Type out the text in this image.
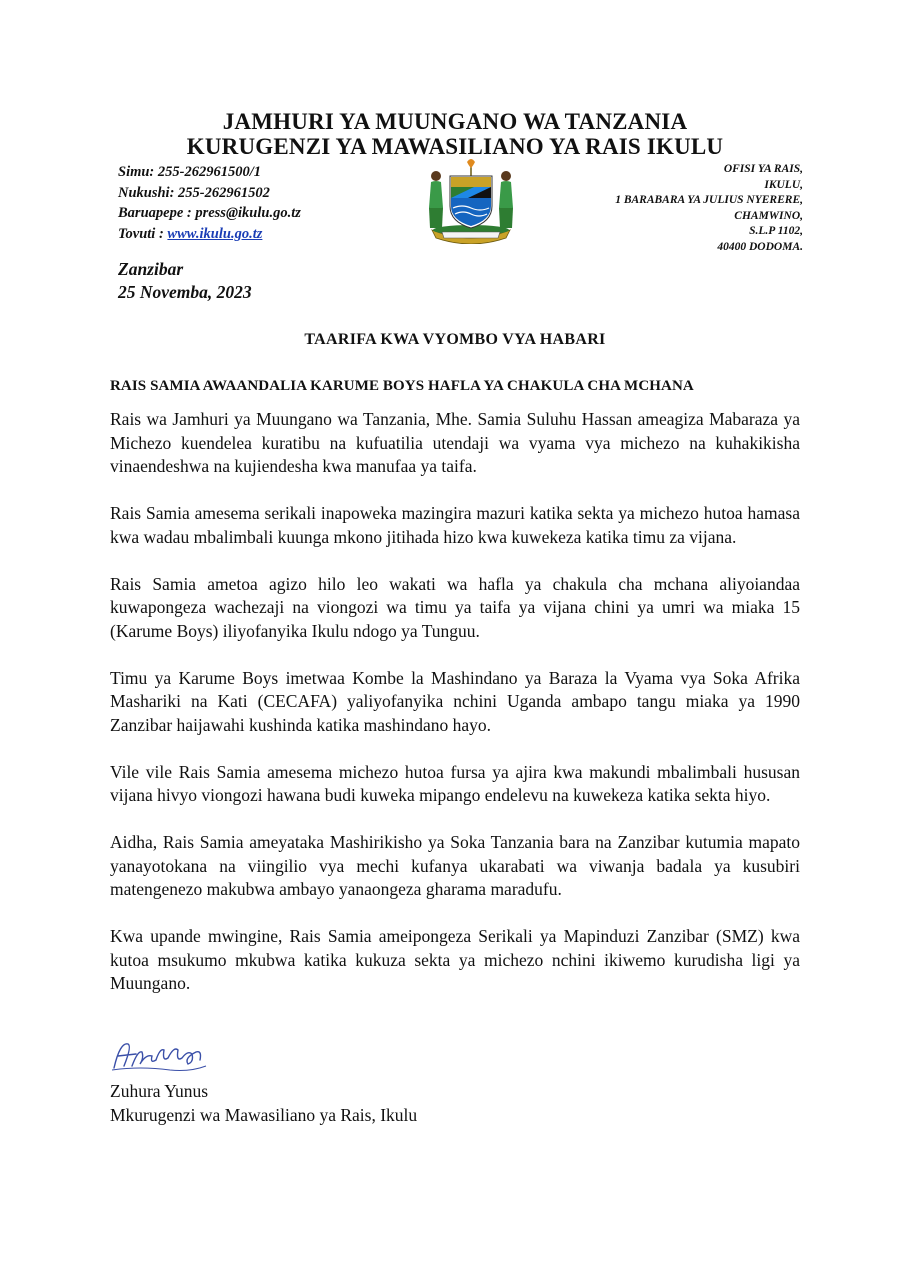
JAMHURI YA MUUNGANO WA TANZANIA
KURUGENZI YA MAWASILIANO YA RAIS IKULU
Simu: 255-262961500/1
Nukushi: 255-262961502
Baruapepe : press@ikulu.go.tz
Tovuti : www.ikulu.go.tz
OFISI YA RAIS,
IKULU,
1 BARABARA YA JULIUS NYERERE,
CHAMWINO,
S.L.P 1102,
40400 DODOMA.
Zanzibar
25 Novemba, 2023
TAARIFA KWA VYOMBO VYA HABARI
RAIS SAMIA AWAANDALIA KARUME BOYS HAFLA YA CHAKULA CHA MCHANA

Rais wa Jamhuri ya Muungano wa Tanzania, Mhe. Samia Suluhu Hassan ameagiza Mabaraza ya Michezo kuendelea kuratibu na kufuatilia utendaji wa vyama vya michezo na kuhakikisha vinaendeshwa na kujiendesha kwa manufaa ya taifa.

Rais Samia amesema serikali inapoweka mazingira mazuri katika sekta ya michezo hutoa hamasa kwa wadau mbalimbali kuunga mkono jitihada hizo kwa kuwekeza katika timu za vijana.

Rais Samia ametoa agizo hilo leo wakati wa hafla ya chakula cha mchana aliyoiandaa kuwapongeza wachezaji na viongozi wa timu ya taifa ya vijana chini ya umri wa miaka 15 (Karume Boys) iliyofanyika Ikulu ndogo ya Tunguu.

Timu ya Karume Boys imetwaa Kombe la Mashindano ya Baraza la Vyama vya Soka Afrika Mashariki na Kati (CECAFA) yaliyofanyika nchini Uganda ambapo tangu miaka ya 1990 Zanzibar haijawahi kushinda katika mashindano hayo.

Vile vile Rais Samia amesema michezo hutoa fursa ya ajira kwa makundi mbalimbali hususan vijana hivyo viongozi hawana budi kuweka mipango endelevu na kuwekeza katika sekta hiyo.

Aidha, Rais Samia ameyataka Mashirikisho ya Soka Tanzania bara na Zanzibar kutumia mapato yanayotokana na viingilio vya mechi kufanya ukarabati wa viwanja badala ya kusubiri matengenezo makubwa ambayo yanaongeza gharama maradufu.

Kwa upande mwingine, Rais Samia ameipongeza Serikali ya Mapinduzi Zanzibar (SMZ) kwa kutoa msukumo mkubwa katika kukuza sekta ya michezo nchini ikiwemo kurudisha ligi ya Muungano.

Zuhura Yunus
Mkurugenzi wa Mawasiliano ya Rais, Ikulu
